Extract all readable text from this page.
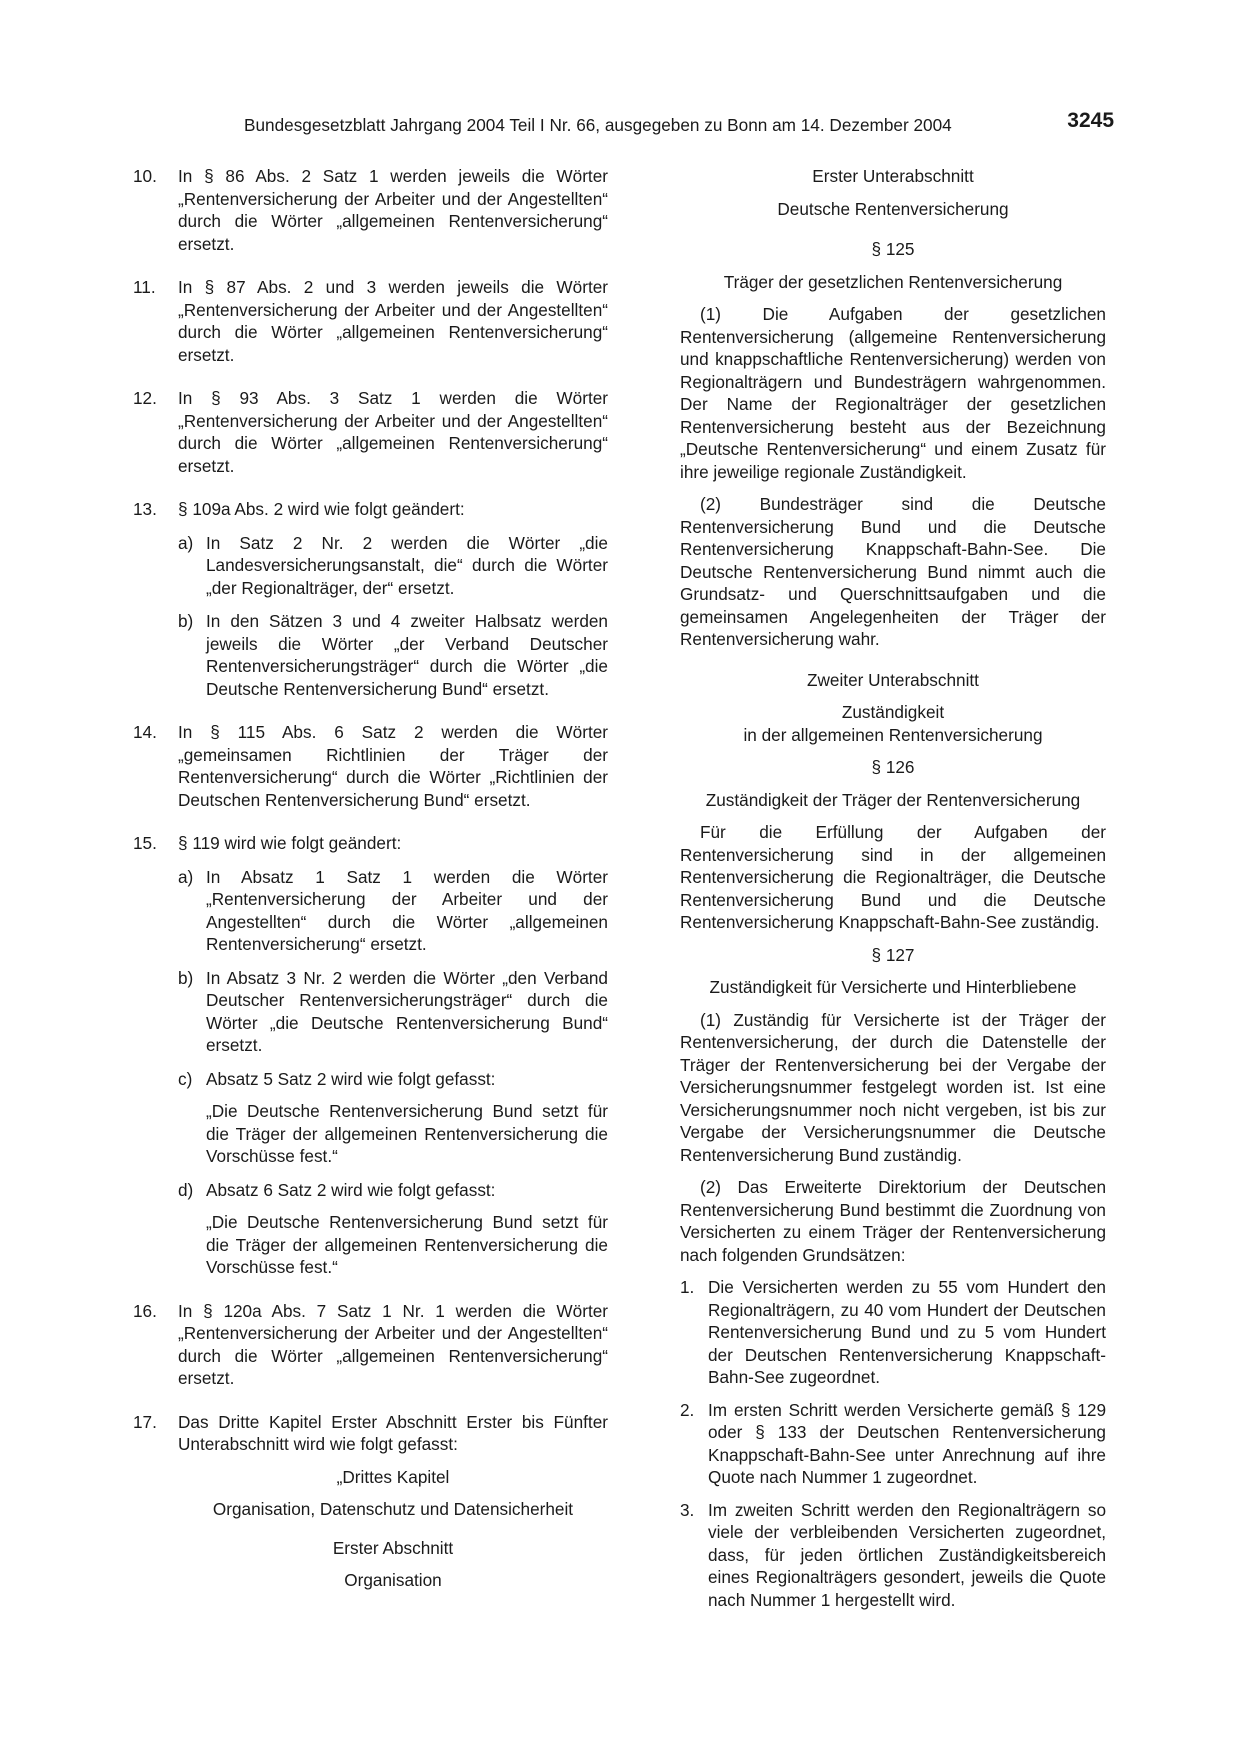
Bundesgesetzblatt Jahrgang 2004 Teil I Nr. 66, ausgegeben zu Bonn am 14. Dezember 2004	3245
10. In § 86 Abs. 2 Satz 1 werden jeweils die Wörter „Rentenversicherung der Arbeiter und der Angestellten“ durch die Wörter „allgemeinen Rentenversicherung“ ersetzt.
11. In § 87 Abs. 2 und 3 werden jeweils die Wörter „Rentenversicherung der Arbeiter und der Angestellten“ durch die Wörter „allgemeinen Rentenversicherung“ ersetzt.
12. In § 93 Abs. 3 Satz 1 werden die Wörter „Rentenversicherung der Arbeiter und der Angestellten“ durch die Wörter „allgemeinen Rentenversicherung“ ersetzt.
13. § 109a Abs. 2 wird wie folgt geändert:
a) In Satz 2 Nr. 2 werden die Wörter „die Landesversicherungsanstalt, die“ durch die Wörter „der Regionalträger, der“ ersetzt.
b) In den Sätzen 3 und 4 zweiter Halbsatz werden jeweils die Wörter „der Verband Deutscher Rentenversicherungsträger“ durch die Wörter „die Deutsche Rentenversicherung Bund“ ersetzt.
14. In § 115 Abs. 6 Satz 2 werden die Wörter „gemeinsamen Richtlinien der Träger der Rentenversicherung“ durch die Wörter „Richtlinien der Deutschen Rentenversicherung Bund“ ersetzt.
15. § 119 wird wie folgt geändert:
a) In Absatz 1 Satz 1 werden die Wörter „Rentenversicherung der Arbeiter und der Angestellten“ durch die Wörter „allgemeinen Rentenversicherung“ ersetzt.
b) In Absatz 3 Nr. 2 werden die Wörter „den Verband Deutscher Rentenversicherungsträger“ durch die Wörter „die Deutsche Rentenversicherung Bund“ ersetzt.
c) Absatz 5 Satz 2 wird wie folgt gefasst:
„Die Deutsche Rentenversicherung Bund setzt für die Träger der allgemeinen Rentenversicherung die Vorschüsse fest.“
d) Absatz 6 Satz 2 wird wie folgt gefasst:
„Die Deutsche Rentenversicherung Bund setzt für die Träger der allgemeinen Rentenversicherung die Vorschüsse fest.“
16. In § 120a Abs. 7 Satz 1 Nr. 1 werden die Wörter „Rentenversicherung der Arbeiter und der Angestellten“ durch die Wörter „allgemeinen Rentenversicherung“ ersetzt.
17. Das Dritte Kapitel Erster Abschnitt Erster bis Fünfter Unterabschnitt wird wie folgt gefasst:
„Drittes Kapitel
Organisation, Datenschutz und Datensicherheit
Erster Abschnitt
Organisation
Erster Unterabschnitt
Deutsche Rentenversicherung
§ 125
Träger der gesetzlichen Rentenversicherung
(1) Die Aufgaben der gesetzlichen Rentenversicherung (allgemeine Rentenversicherung und knappschaftliche Rentenversicherung) werden von Regionalträgern und Bundesträgern wahrgenommen. Der Name der Regionalträger der gesetzlichen Rentenversicherung besteht aus der Bezeichnung „Deutsche Rentenversicherung“ und einem Zusatz für ihre jeweilige regionale Zuständigkeit.
(2) Bundesträger sind die Deutsche Rentenversicherung Bund und die Deutsche Rentenversicherung Knappschaft-Bahn-See. Die Deutsche Rentenversicherung Bund nimmt auch die Grundsatz- und Querschnittsaufgaben und die gemeinsamen Angelegenheiten der Träger der Rentenversicherung wahr.
Zweiter Unterabschnitt
Zuständigkeit
in der allgemeinen Rentenversicherung
§ 126
Zuständigkeit der Träger der Rentenversicherung
Für die Erfüllung der Aufgaben der Rentenversicherung sind in der allgemeinen Rentenversicherung die Regionalträger, die Deutsche Rentenversicherung Bund und die Deutsche Rentenversicherung Knappschaft-Bahn-See zuständig.
§ 127
Zuständigkeit für Versicherte und Hinterbliebene
(1) Zuständig für Versicherte ist der Träger der Rentenversicherung, der durch die Datenstelle der Träger der Rentenversicherung bei der Vergabe der Versicherungsnummer festgelegt worden ist. Ist eine Versicherungsnummer noch nicht vergeben, ist bis zur Vergabe der Versicherungsnummer die Deutsche Rentenversicherung Bund zuständig.
(2) Das Erweiterte Direktorium der Deutschen Rentenversicherung Bund bestimmt die Zuordnung von Versicherten zu einem Träger der Rentenversicherung nach folgenden Grundsätzen:
1. Die Versicherten werden zu 55 vom Hundert den Regionalträgern, zu 40 vom Hundert der Deutschen Rentenversicherung Bund und zu 5 vom Hundert der Deutschen Rentenversicherung Knappschaft-Bahn-See zugeordnet.
2. Im ersten Schritt werden Versicherte gemäß § 129 oder § 133 der Deutschen Rentenversicherung Knappschaft-Bahn-See unter Anrechnung auf ihre Quote nach Nummer 1 zugeordnet.
3. Im zweiten Schritt werden den Regionalträgern so viele der verbleibenden Versicherten zugeordnet, dass, für jeden örtlichen Zuständigkeitsbereich eines Regionalträgers gesondert, jeweils die Quote nach Nummer 1 hergestellt wird.
